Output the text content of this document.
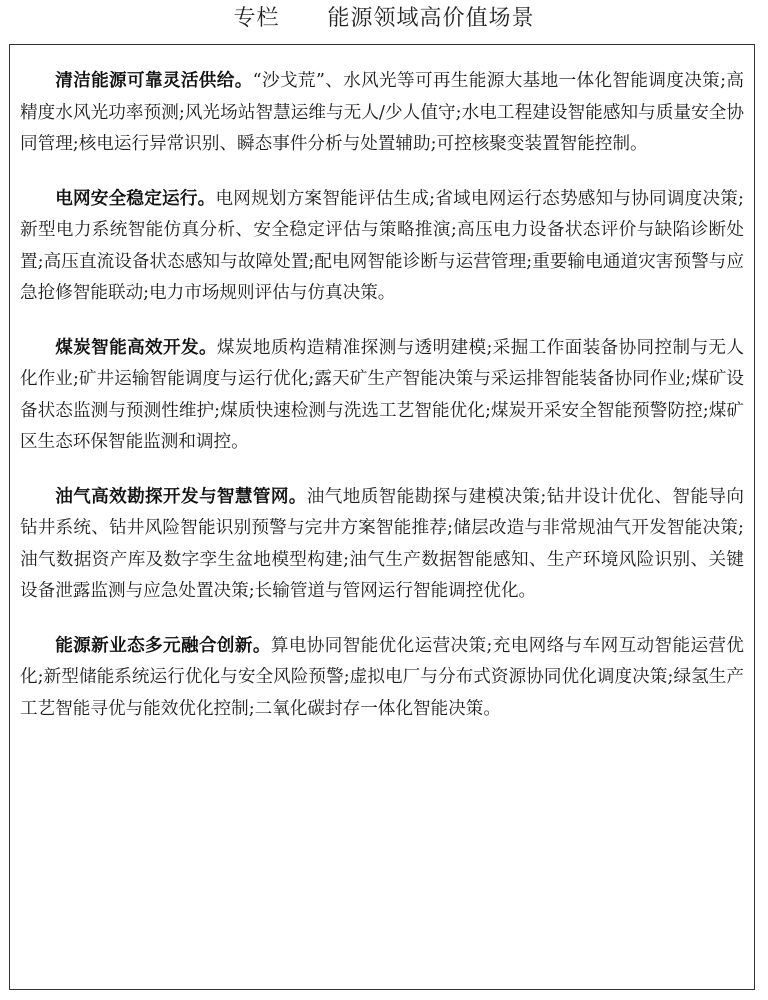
专栏      能源领域高价值场景

清洁能源可靠灵活供给。“沙戈荒”、水风光等可再生能源大基地一体化智能调度决策;高精度水风光功率预测;风光场站智慧运维与无人/少人值守;水电工程建设智能感知与质量安全协同管理;核电运行异常识别、瞬态事件分析与处置辅助;可控核聚变装置智能控制。

电网安全稳定运行。电网规划方案智能评估生成;省域电网运行态势感知与协同调度决策;新型电力系统智能仿真分析、安全稳定评估与策略推演;高压电力设备状态评价与缺陷诊断处置;高压直流设备状态感知与故障处置;配电网智能诊断与运营管理;重要输电通道灾害预警与应急抢修智能联动;电力市场规则评估与仿真决策。

煤炭智能高效开发。煤炭地质构造精准探测与透明建模;采掘工作面装备协同控制与无人化作业;矿井运输智能调度与运行优化;露天矿生产智能决策与采运排智能装备协同作业;煤矿设备状态监测与预测性维护;煤质快速检测与洗选工艺智能优化;煤炭开采安全智能预警防控;煤矿区生态环保智能监测和调控。

油气高效勘探开发与智慧管网。油气地质智能勘探与建模决策;钻井设计优化、智能导向钻井系统、钻井风险智能识别预警与完井方案智能推荐;储层改造与非常规油气开发智能决策;油气数据资产库及数字孪生盆地模型构建;油气生产数据智能感知、生产环境风险识别、关键设备泄露监测与应急处置决策;长输管道与管网运行智能调控优化。

能源新业态多元融合创新。算电协同智能优化运营决策;充电网络与车网互动智能运营优化;新型储能系统运行优化与安全风险预警;虚拟电厂与分布式资源协同优化调度决策;绿氢生产工艺智能寻优与能效优化控制;二氧化碳封存一体化智能决策。
